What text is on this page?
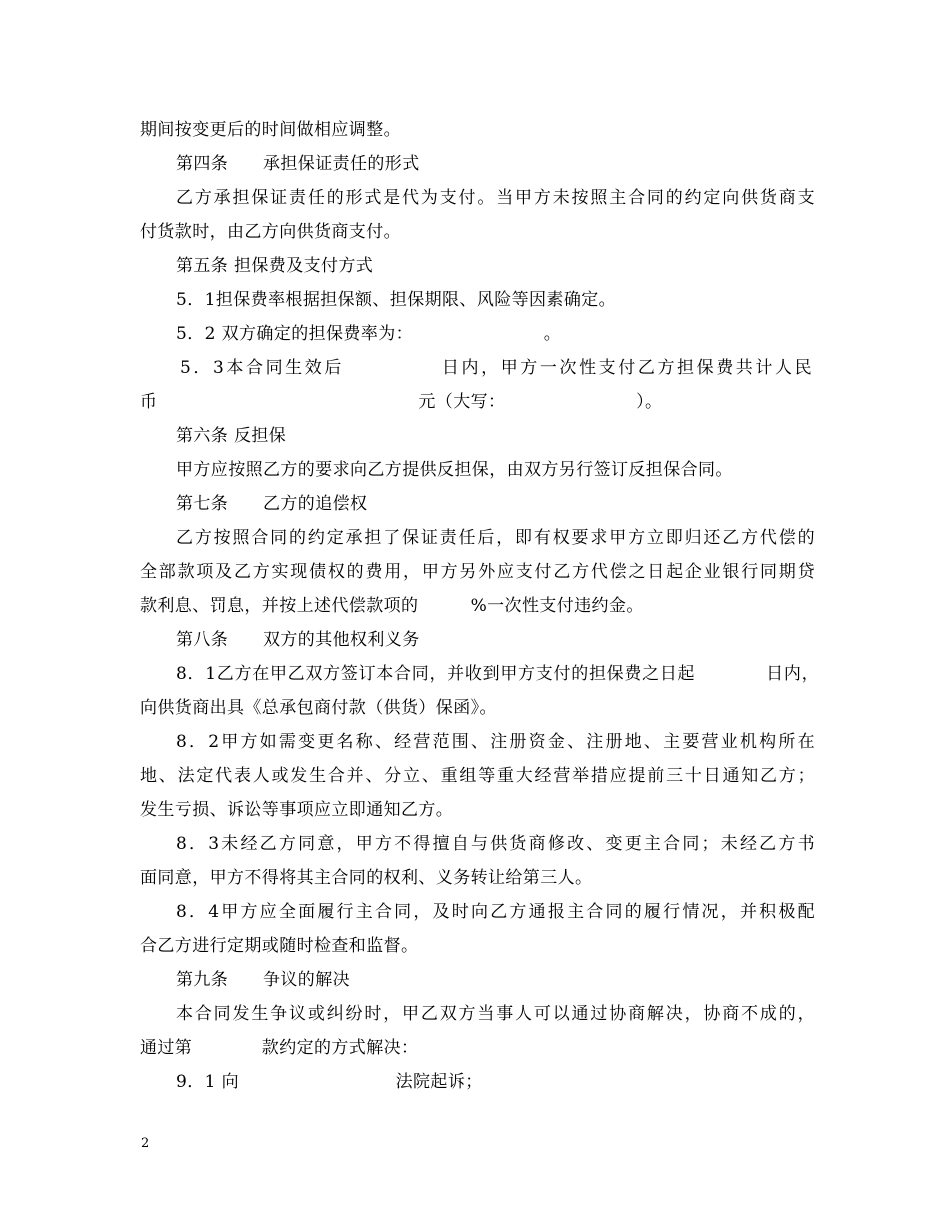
期间按变更后的时间做相应调整。
第四条　　承担保证责任的形式
乙方承担保证责任的形式是代为支付。当甲方未按照主合同的约定向供货商支
付货款时，由乙方向供货商支付。
第五条 担保费及支付方式
5．1担保费率根据担保额、担保期限、风险等因素确定。
5．2 双方确定的担保费率为：　　　　　　　　。
5．3本合同生效后　　　　　日内，甲方一次性支付乙方担保费共计人民
币　　　　　　　　　　　　　　　元（大写：　　　　　　　　）。
第六条 反担保
甲方应按照乙方的要求向乙方提供反担保，由双方另行签订反担保合同。
第七条　　乙方的追偿权
乙方按照合同的约定承担了保证责任后，即有权要求甲方立即归还乙方代偿的
全部款项及乙方实现债权的费用，甲方另外应支付乙方代偿之日起企业银行同期贷
款利息、罚息，并按上述代偿款项的　　　%一次性支付违约金。
第八条　　双方的其他权利义务
8．1乙方在甲乙双方签订本合同，并收到甲方支付的担保费之日起　　　　日内，
向供货商出具《总承包商付款（供货）保函》。
8．2甲方如需变更名称、经营范围、注册资金、注册地、主要营业机构所在
地、法定代表人或发生合并、分立、重组等重大经营举措应提前三十日通知乙方；
发生亏损、诉讼等事项应立即通知乙方。
8．3未经乙方同意，甲方不得擅自与供货商修改、变更主合同；未经乙方书
面同意，甲方不得将其主合同的权利、义务转让给第三人。
8．4甲方应全面履行主合同，及时向乙方通报主合同的履行情况，并积极配
合乙方进行定期或随时检查和监督。
第九条　　争议的解决
本合同发生争议或纠纷时，甲乙双方当事人可以通过协商解决，协商不成的，
通过第　　　　款约定的方式解决：
9．1 向　　　　　　　　　法院起诉；
2
